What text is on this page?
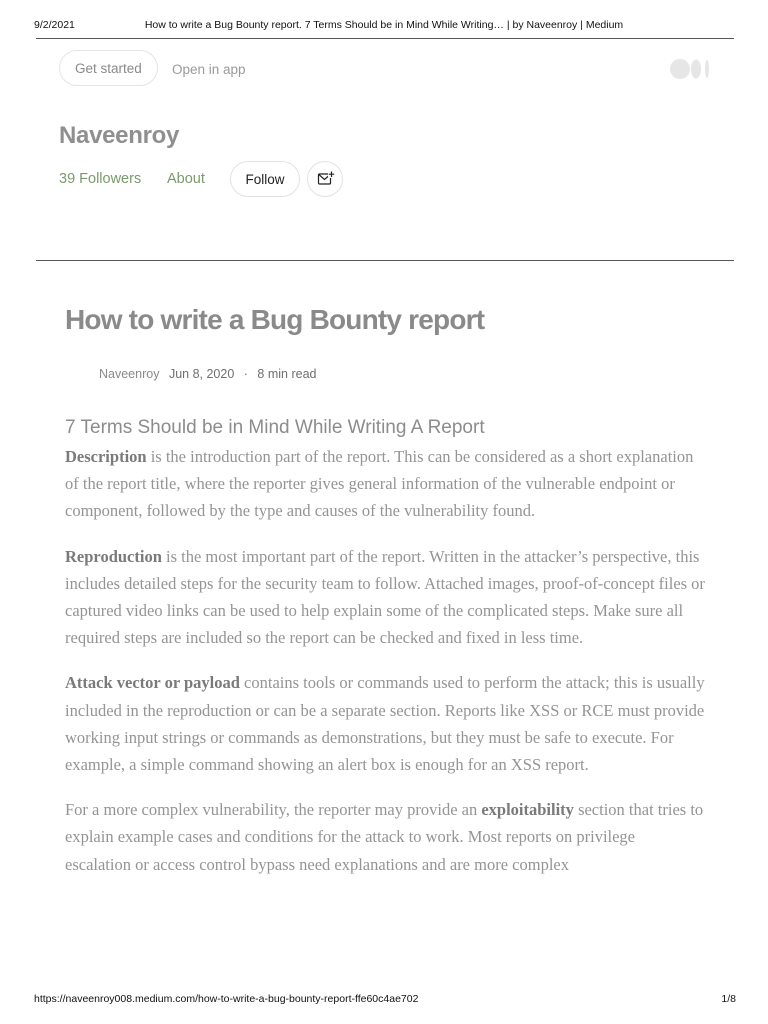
9/2/2021	How to write a Bug Bounty report. 7 Terms Should be in Mind While Writing… | by Naveenroy | Medium
Get started	Open in app
Naveenroy
39 Followers About	Follow
How to write a Bug Bounty report
Naveenroy Jun 8, 2020 · 8 min read
7 Terms Should be in Mind While Writing A Report

Description is the introduction part of the report. This can be considered as a short explanation of the report title, where the reporter gives general information of the vulnerable endpoint or component, followed by the type and causes of the vulnerability found.

Reproduction is the most important part of the report. Written in the attacker’s perspective, this includes detailed steps for the security team to follow. Attached images, proof-of-concept files or captured video links can be used to help explain some of the complicated steps. Make sure all required steps are included so the report can be checked and fixed in less time.

Attack vector or payload contains tools or commands used to perform the attack; this is usually included in the reproduction or can be a separate section. Reports like XSS or RCE must provide working input strings or commands as demonstrations, but they must be safe to execute. For example, a simple command showing an alert box is enough for an XSS report.

For a more complex vulnerability, the reporter may provide an exploitability section that tries to explain example cases and conditions for the attack to work. Most reports on privilege escalation or access control bypass need explanations and are more complex

https://naveenroy008.medium.com/how-to-write-a-bug-bounty-report-ffe60c4ae702	1/8
